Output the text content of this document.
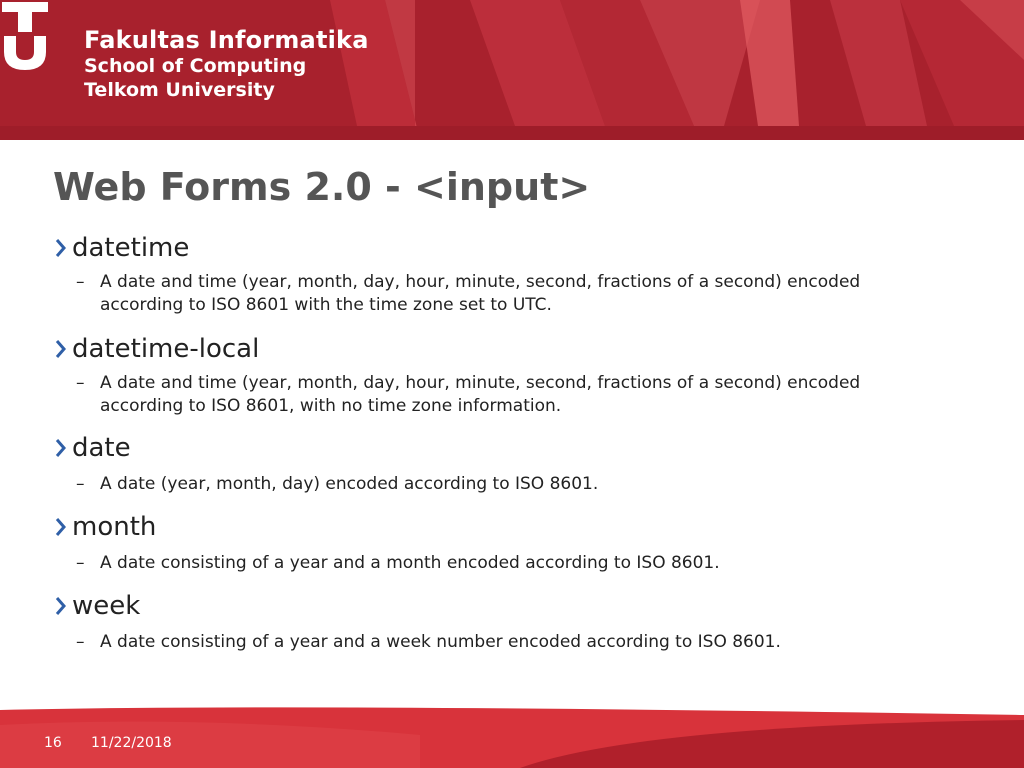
Fakultas Informatika
School of Computing
Telkom University
Web Forms 2.0 - <input>
datetime
– A date and time (year, month, day, hour, minute, second, fractions of a second) encoded according to ISO 8601 with the time zone set to UTC.
datetime-local
– A date and time (year, month, day, hour, minute, second, fractions of a second) encoded according to ISO 8601, with no time zone information.
date
– A date (year, month, day) encoded according to ISO 8601.
month
– A date consisting of a year and a month encoded according to ISO 8601.
week
– A date consisting of a year and a week number encoded according to ISO 8601.
16 11/22/2018
